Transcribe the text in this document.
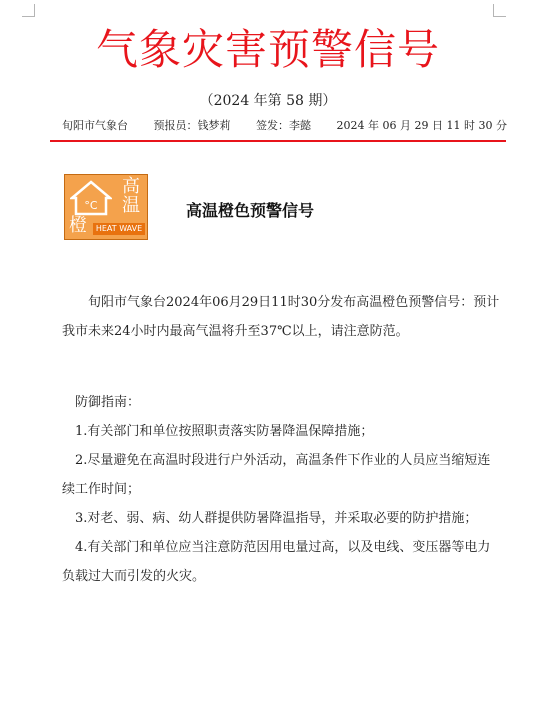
气象灾害预警信号
（2024 年第 58 期）
旬阳市气象台 预报员：钱梦莉 签发：李懿 2024 年 06 月 29 日 11 时 30 分
°C
高温
橙	HEAT WAVE
高温橙色预警信号
旬阳市气象台2024年06月29日11时30分发布高温橙色预警信号：预计我市未来24小时内最高气温将升至37℃以上，请注意防范。

防御指南：

1.有关部门和单位按照职责落实防暑降温保障措施；

2.尽量避免在高温时段进行户外活动，高温条件下作业的人员应当缩短连续工作时间；

3.对老、弱、病、幼人群提供防暑降温指导，并采取必要的防护措施；

4.有关部门和单位应当注意防范因用电量过高，以及电线、变压器等电力负载过大而引发的火灾。
